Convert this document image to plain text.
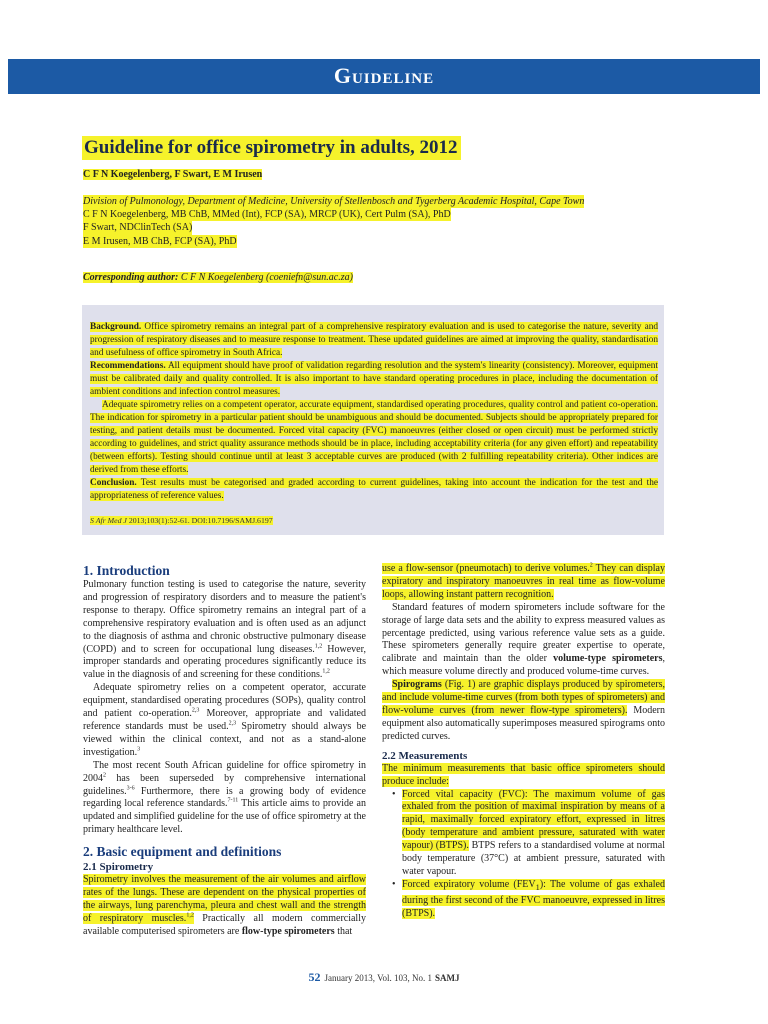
Guideline
Guideline for office spirometry in adults, 2012
C F N Koegelenberg, F Swart, E M Irusen
Division of Pulmonology, Department of Medicine, University of Stellenbosch and Tygerberg Academic Hospital, Cape Town
C F N Koegelenberg, MB ChB, MMed (Int), FCP (SA), MRCP (UK), Cert Pulm (SA), PhD
F Swart, NDClinTech (SA)
E M Irusen, MB ChB, FCP (SA), PhD
Corresponding author: C F N Koegelenberg (coeniefn@sun.ac.za)

Background. Office spirometry remains an integral part of a comprehensive respiratory evaluation and is used to categorise the nature, severity and progression of respiratory diseases and to measure response to treatment. These updated guidelines are aimed at improving the quality, standardisation and usefulness of office spirometry in South Africa.

Recommendations. All equipment should have proof of validation regarding resolution and the system's linearity (consistency). Moreover, equipment must be calibrated daily and quality controlled. It is also important to have standard operating procedures in place, including the documentation of ambient conditions and infection control measures.

Adequate spirometry relies on a competent operator, accurate equipment, standardised operating procedures, quality control and patient co-operation. The indication for spirometry in a particular patient should be unambiguous and should be documented. Subjects should be appropriately prepared for testing, and patient details must be documented. Forced vital capacity (FVC) manoeuvres (either closed or open circuit) must be performed strictly according to guidelines, and strict quality assurance methods should be in place, including acceptability criteria (for any given effort) and repeatability (between efforts). Testing should continue until at least 3 acceptable curves are produced (with 2 fulfilling repeatability criteria). Other indices are derived from these efforts.

Conclusion. Test results must be categorised and graded according to current guidelines, taking into account the indication for the test and the appropriateness of reference values.

S Afr Med J 2013;103(1):52-61. DOI:10.7196/SAMJ.6197
1. Introduction

Pulmonary function testing is used to categorise the nature, severity and progression of respiratory disorders and to measure the patient's response to therapy. Office spirometry remains an integral part of a comprehensive respiratory evaluation and is often used as an adjunct to the diagnosis of asthma and chronic obstructive pulmonary disease (COPD) and to screen for occupational lung diseases.$^{1,2}$ However, improper standards and operating procedures significantly reduce its value in the diagnosis of and screening for these conditions.$^{1,2}$

Adequate spirometry relies on a competent operator, accurate equipment, standardised operating procedures (SOPs), quality control and patient co-operation.$^{2,3}$ Moreover, appropriate and validated reference standards must be used.$^{2,3}$ Spirometry should always be viewed within the clinical context, and not as a stand-alone investigation.$^3$

The most recent South African guideline for office spirometry in 2004$^2$ has been superseded by comprehensive international guidelines.$^{3-6}$ Furthermore, there is a growing body of evidence regarding local reference standards.$^{7-11}$ This article aims to provide an updated and simplified guideline for the use of office spirometry at the primary healthcare level.

2. Basic equipment and definitions
2.1 Spirometry

Spirometry involves the measurement of the air volumes and airflow rates of the lungs. These are dependent on the physical properties of the airways, lung parenchyma, pleura and chest wall and the strength of respiratory muscles.$^{1,2}$ Practically all modern commercially available computerised spirometers are flow-type spirometers that

use a flow-sensor (pneumotach) to derive volumes.$^2$ They can display expiratory and inspiratory manoeuvres in real time as flow-volume loops, allowing instant pattern recognition.

Standard features of modern spirometers include software for the storage of large data sets and the ability to express measured values as percentage predicted, using various reference value sets as a guide. These spirometers generally require greater expertise to operate, calibrate and maintain than the older volume-type spirometers, which measure volume directly and produced volume-time curves.

Spirograms (Fig. 1) are graphic displays produced by spirometers, and include volume-time curves (from both types of spirometers) and flow-volume curves (from newer flow-type spirometers). Modern equipment also automatically superimposes measured spirograms onto predicted curves.

2.2 Measurements

The minimum measurements that basic office spirometers should produce include:

• Forced vital capacity (FVC): The maximum volume of gas exhaled from the position of maximal inspiration by means of a rapid, maximally forced expiratory effort, expressed in litres (body temperature and ambient pressure, saturated with water vapour) (BTPS). BTPS refers to a standardised volume at normal body temperature (37°C) at ambient pressure, saturated with water vapour.
• Forced expiratory volume $(FEV_1)$: The volume of gas exhaled during the first second of the FVC manoeuvre, expressed in litres (BTPS).
52 January 2013, Vol. 103, No. 1 SAMJ
